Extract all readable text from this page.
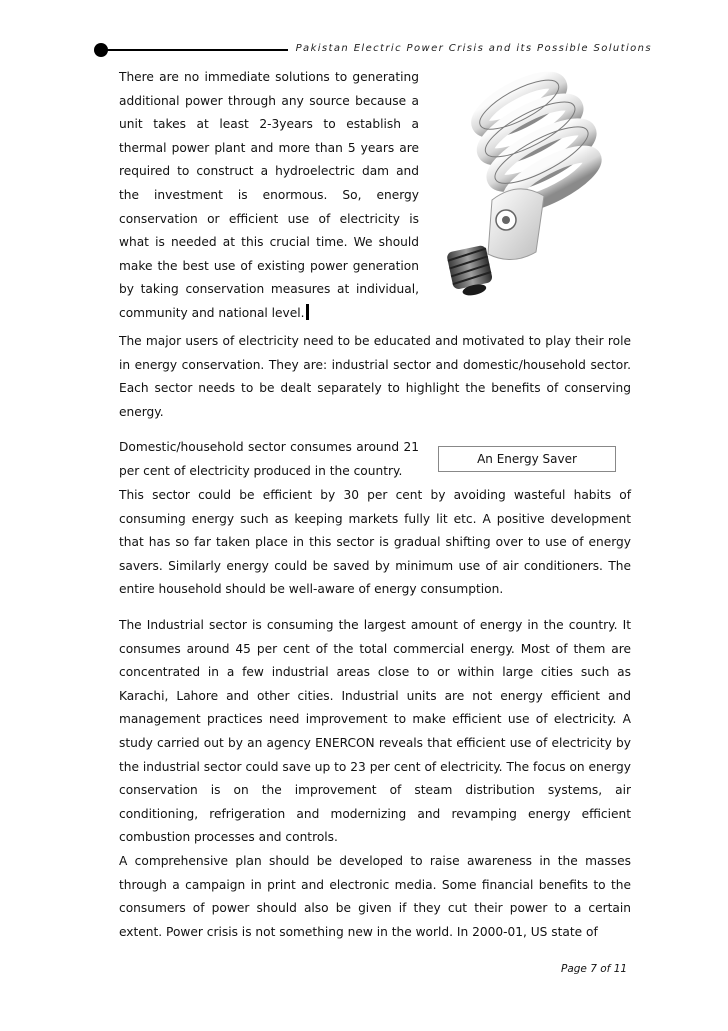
Pakistan Electric Power Crisis and its Possible Solutions

There are no immediate solutions to generating additional power through any source because a unit takes at least 2-3years to establish a thermal power plant and more than 5 years are required to construct a hydroelectric dam and the investment is enormous. So, energy conservation or efficient use of electricity is what is needed at this crucial time. We should make the best use of existing power generation by taking conservation measures at individual, community and national level.

The major users of electricity need to be educated and motivated to play their role in energy conservation. They are: industrial sector and domestic/household sector. Each sector needs to be dealt separately to highlight the benefits of conserving energy.

Domestic/household sector consumes around 21 per cent of electricity produced in the country.

An Energy Saver

This sector could be efficient by 30 per cent by avoiding wasteful habits of consuming energy such as keeping markets fully lit etc. A positive development that has so far taken place in this sector is gradual shifting over to use of energy savers. Similarly energy could be saved by minimum use of air conditioners. The entire household should be well-aware of energy consumption.

The Industrial sector is consuming the largest amount of energy in the country. It consumes around 45 per cent of the total commercial energy. Most of them are concentrated in a few industrial areas close to or within large cities such as Karachi, Lahore and other cities. Industrial units are not energy efficient and management practices need improvement to make efficient use of electricity. A study carried out by an agency ENERCON reveals that efficient use of electricity by the industrial sector could save up to 23 per cent of electricity. The focus on energy conservation is on the improvement of steam distribution systems, air conditioning, refrigeration and modernizing and revamping energy efficient combustion processes and controls.

A comprehensive plan should be developed to raise awareness in the masses through a campaign in print and electronic media. Some financial benefits to the consumers of power should also be given if they cut their power to a certain extent. Power crisis is not something new in the world. In 2000-01, US state of

Page 7 of 11
